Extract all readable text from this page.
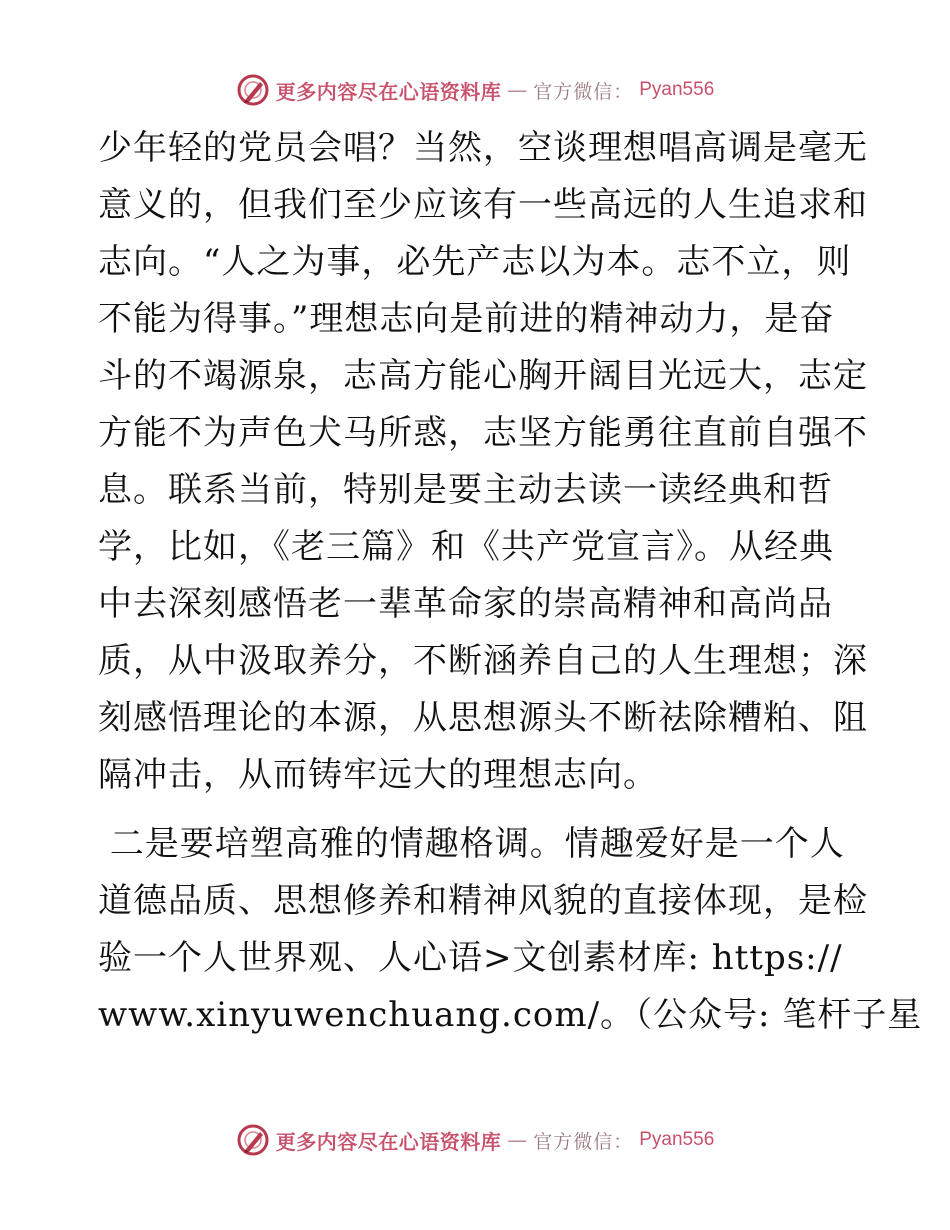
更多内容尽在心语资料库 — 官方微信： Pyan556
少年轻的党员会唱？当然，空谈理想唱高调是毫无
意义的，但我们至少应该有一些高远的人生追求和
志向。“人之为事，必先产志以为本。志不立，则
不能为得事。”理想志向是前进的精神动力，是奋
斗的不竭源泉，志高方能心胸开阔目光远大，志定
方能不为声色犬马所惑，志坚方能勇往直前自强不
息。联系当前，特别是要主动去读一读经典和哲
学，比如，《老三篇》和《共产党宣言》。从经典
中去深刻感悟老一辈革命家的崇高精神和高尚品
质，从中汲取养分，不断涵养自己的人生理想；深
刻感悟理论的本源，从思想源头不断祛除糟粕、阻
隔冲击，从而铸牢远大的理想志向。
二是要培塑高雅的情趣格调。情趣爱好是一个人
道德品质、思想修养和精神风貌的直接体现，是检
验一个人世界观、人心语>文创素材库: https://
www.xinyuwenchuang.com/。（公众号: 笔杆子星
更多内容尽在心语资料库 — 官方微信： Pyan556
